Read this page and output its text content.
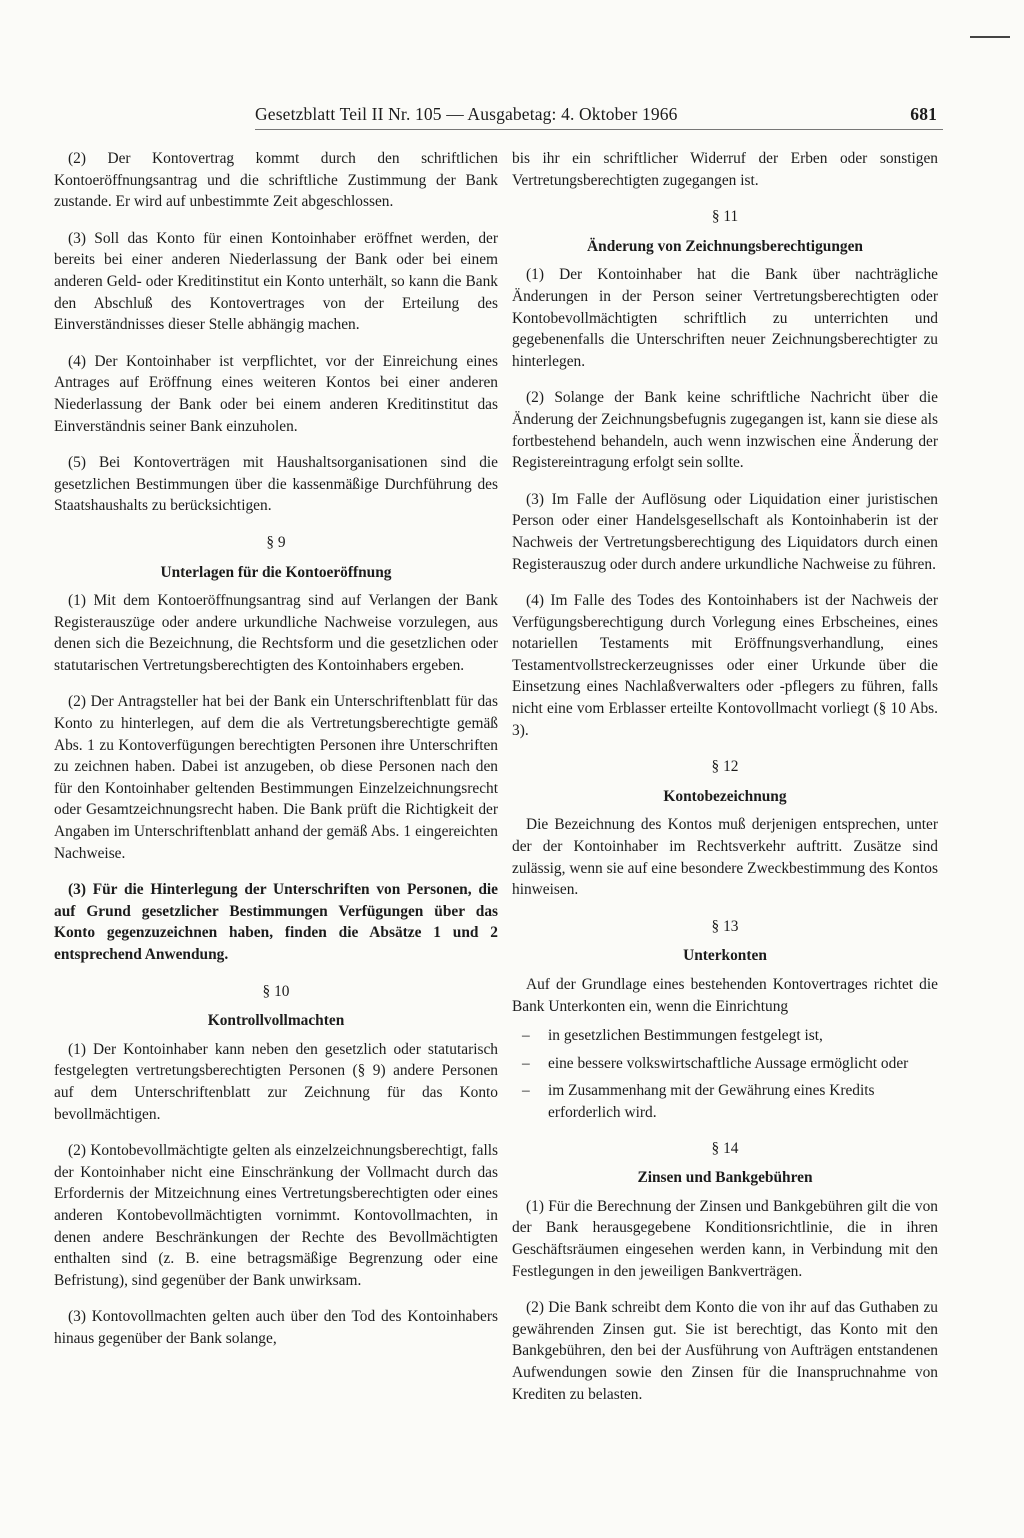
Gesetzblatt Teil II Nr. 105 — Ausgabetag: 4. Oktober 1966	681

(2) Der Kontovertrag kommt durch den schriftlichen Kontoeröffnungsantrag und die schriftliche Zustimmung der Bank zustande. Er wird auf unbestimmte Zeit abgeschlossen.

(3) Soll das Konto für einen Kontoinhaber eröffnet werden, der bereits bei einer anderen Niederlassung der Bank oder bei einem anderen Geld- oder Kreditinstitut ein Konto unterhält, so kann die Bank den Abschluß des Kontovertrages von der Erteilung des Einverständnisses dieser Stelle abhängig machen.

(4) Der Kontoinhaber ist verpflichtet, vor der Einreichung eines Antrages auf Eröffnung eines weiteren Kontos bei einer anderen Niederlassung der Bank oder bei einem anderen Kreditinstitut das Einverständnis seiner Bank einzuholen.

(5) Bei Kontoverträgen mit Haushaltsorganisationen sind die gesetzlichen Bestimmungen über die kassenmäßige Durchführung des Staatshaushalts zu berücksichtigen.

§ 9
Unterlagen für die Kontoeröffnung

(1) Mit dem Kontoeröffnungsantrag sind auf Verlangen der Bank Registerauszüge oder andere urkundliche Nachweise vorzulegen, aus denen sich die Bezeichnung, die Rechtsform und die gesetzlichen oder statutarischen Vertretungsberechtigten des Kontoinhabers ergeben.

(2) Der Antragsteller hat bei der Bank ein Unterschriftenblatt für das Konto zu hinterlegen, auf dem die als Vertretungsberechtigte gemäß Abs. 1 zu Kontoverfügungen berechtigten Personen ihre Unterschriften zu zeichnen haben. Dabei ist anzugeben, ob diese Personen nach den für den Kontoinhaber geltenden Bestimmungen Einzelzeichnungsrecht oder Gesamtzeichnungsrecht haben. Die Bank prüft die Richtigkeit der Angaben im Unterschriftenblatt anhand der gemäß Abs. 1 eingereichten Nachweise.

(3) Für die Hinterlegung der Unterschriften von Personen, die auf Grund gesetzlicher Bestimmungen Verfügungen über das Konto gegenzuzeichnen haben, finden die Absätze 1 und 2 entsprechend Anwendung.

§ 10
Kontrollvollmachten

(1) Der Kontoinhaber kann neben den gesetzlich oder statutarisch festgelegten vertretungsberechtigten Personen (§ 9) andere Personen auf dem Unterschriftenblatt zur Zeichnung für das Konto bevollmächtigen.

(2) Kontobevollmächtigte gelten als einzelzeichnungsberechtigt, falls der Kontoinhaber nicht eine Einschränkung der Vollmacht durch das Erfordernis der Mitzeichnung eines Vertretungsberechtigten oder eines anderen Kontobevollmächtigten vornimmt. Kontovollmachten, in denen andere Beschränkungen der Rechte des Bevollmächtigten enthalten sind (z. B. eine betragsmäßige Begrenzung oder eine Befristung), sind gegenüber der Bank unwirksam.

(3) Kontovollmachten gelten auch über den Tod des Kontoinhabers hinaus gegenüber der Bank solange,

bis ihr ein schriftlicher Widerruf der Erben oder sonstigen Vertretungsberechtigten zugegangen ist.

§ 11
Änderung von Zeichnungsberechtigungen

(1) Der Kontoinhaber hat die Bank über nachträgliche Änderungen in der Person seiner Vertretungsberechtigten oder Kontobevollmächtigten schriftlich zu unterrichten und gegebenenfalls die Unterschriften neuer Zeichnungsberechtigter zu hinterlegen.

(2) Solange der Bank keine schriftliche Nachricht über die Änderung der Zeichnungsbefugnis zugegangen ist, kann sie diese als fortbestehend behandeln, auch wenn inzwischen eine Änderung der Registereintragung erfolgt sein sollte.

(3) Im Falle der Auflösung oder Liquidation einer juristischen Person oder einer Handelsgesellschaft als Kontoinhaberin ist der Nachweis der Vertretungsberechtigung des Liquidators durch einen Registerauszug oder durch andere urkundliche Nachweise zu führen.

(4) Im Falle des Todes des Kontoinhabers ist der Nachweis der Verfügungsberechtigung durch Vorlegung eines Erbscheines, eines notariellen Testaments mit Eröffnungsverhandlung, eines Testamentvollstreckerzeugnisses oder einer Urkunde über die Einsetzung eines Nachlaßverwalters oder -pflegers zu führen, falls nicht eine vom Erblasser erteilte Kontovollmacht vorliegt (§ 10 Abs. 3).

§ 12
Kontobezeichnung

Die Bezeichnung des Kontos muß derjenigen entsprechen, unter der der Kontoinhaber im Rechtsverkehr auftritt. Zusätze sind zulässig, wenn sie auf eine besondere Zweckbestimmung des Kontos hinweisen.

§ 13
Unterkonten

Auf der Grundlage eines bestehenden Kontovertrages richtet die Bank Unterkonten ein, wenn die Einrichtung

– in gesetzlichen Bestimmungen festgelegt ist,
– eine bessere volkswirtschaftliche Aussage ermöglicht oder
– im Zusammenhang mit der Gewährung eines Kredits erforderlich wird.
§ 14
Zinsen und Bankgebühren

(1) Für die Berechnung der Zinsen und Bankgebühren gilt die von der Bank herausgegebene Konditionsrichtlinie, die in ihren Geschäftsräumen eingesehen werden kann, in Verbindung mit den Festlegungen in den jeweiligen Bankverträgen.

(2) Die Bank schreibt dem Konto die von ihr auf das Guthaben zu gewährenden Zinsen gut. Sie ist berechtigt, das Konto mit den Bankgebühren, den bei der Ausführung von Aufträgen entstandenen Aufwendungen sowie den Zinsen für die Inanspruchnahme von Krediten zu belasten.
